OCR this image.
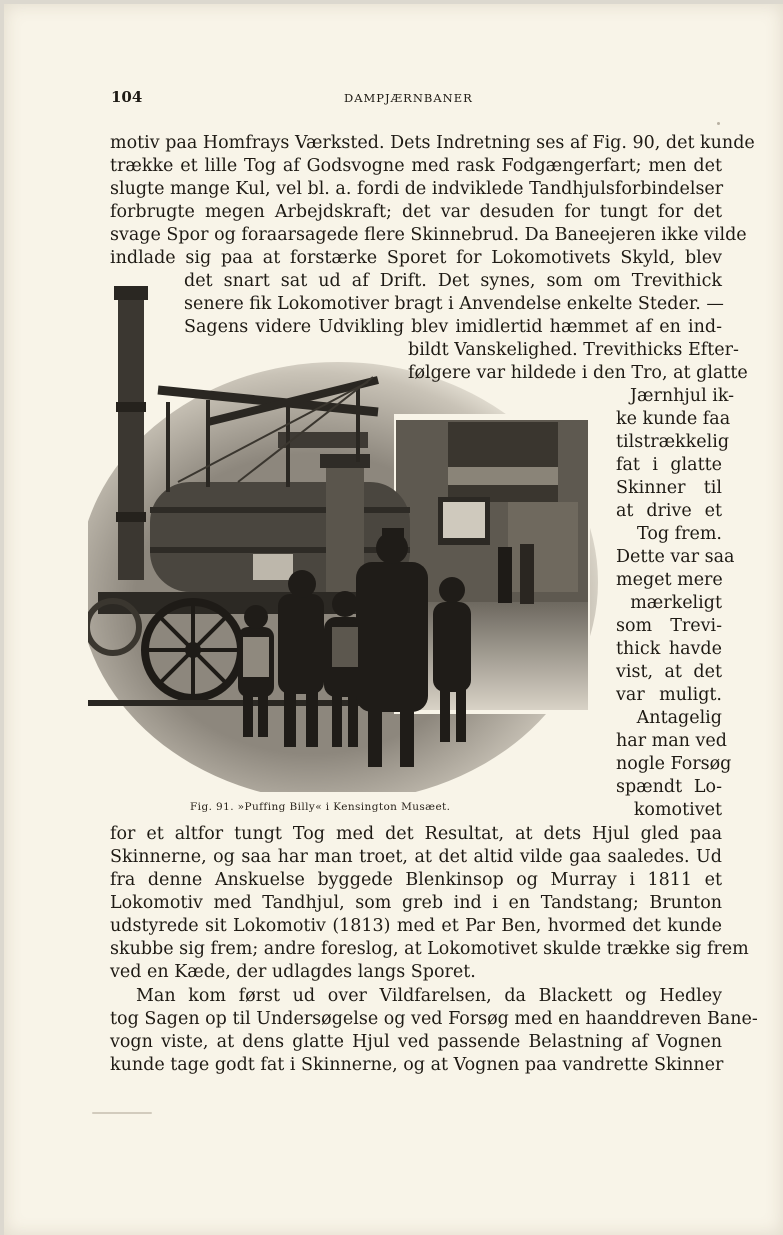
104	DAMPJÆRNBANER
Fig. 91. »Puffing Billy« i Kensington Musæet.

motiv paa Homfrays Værksted. Dets Indretning ses af Fig. 90, det kunde

trække et lille Tog af Godsvogne med rask Fodgængerfart; men det

slugte mange Kul, vel bl. a. fordi de indviklede Tandhjulsforbindelser

forbrugte megen Arbejdskraft; det var desuden for tungt for det

svage Spor og foraarsagede flere Skinnebrud. Da Baneejeren ikke vilde

indlade sig paa at forstærke Sporet for Lokomotivets Skyld, blev

det snart sat ud af Drift. Det synes, som om Trevithick

senere fik Lokomotiver bragt i Anvendelse enkelte Steder. —

Sagens videre Udvikling blev imidlertid hæmmet af en ind-

bildt Vanskelighed. Trevithicks Efter-

følgere var hildede i den Tro, at glatte

Jærnhjul ik-

ke kunde faa

tilstrækkelig

fat i glatte

Skinner til

at drive et

Tog frem.

Dette var saa

meget mere

mærkeligt

som Trevi-

thick havde

vist, at det

var muligt.

Antagelig

har man ved

nogle Forsøg

spændt Lo-

komotivet

for et altfor tungt Tog med det Resultat, at dets Hjul gled paa

Skinnerne, og saa har man troet, at det altid vilde gaa saaledes. Ud

fra denne Anskuelse byggede Blenkinsop og Murray i 1811 et

Lokomotiv med Tandhjul, som greb ind i en Tandstang; Brunton

udstyrede sit Lokomotiv (1813) med et Par Ben, hvormed det kunde

skubbe sig frem; andre foreslog, at Lokomotivet skulde trække sig frem

ved en Kæde, der udlagdes langs Sporet.

Man kom først ud over Vildfarelsen, da Blackett og Hedley

tog Sagen op til Undersøgelse og ved Forsøg med en haanddreven Bane-

vogn viste, at dens glatte Hjul ved passende Belastning af Vognen

kunde tage godt fat i Skinnerne, og at Vognen paa vandrette Skinner
